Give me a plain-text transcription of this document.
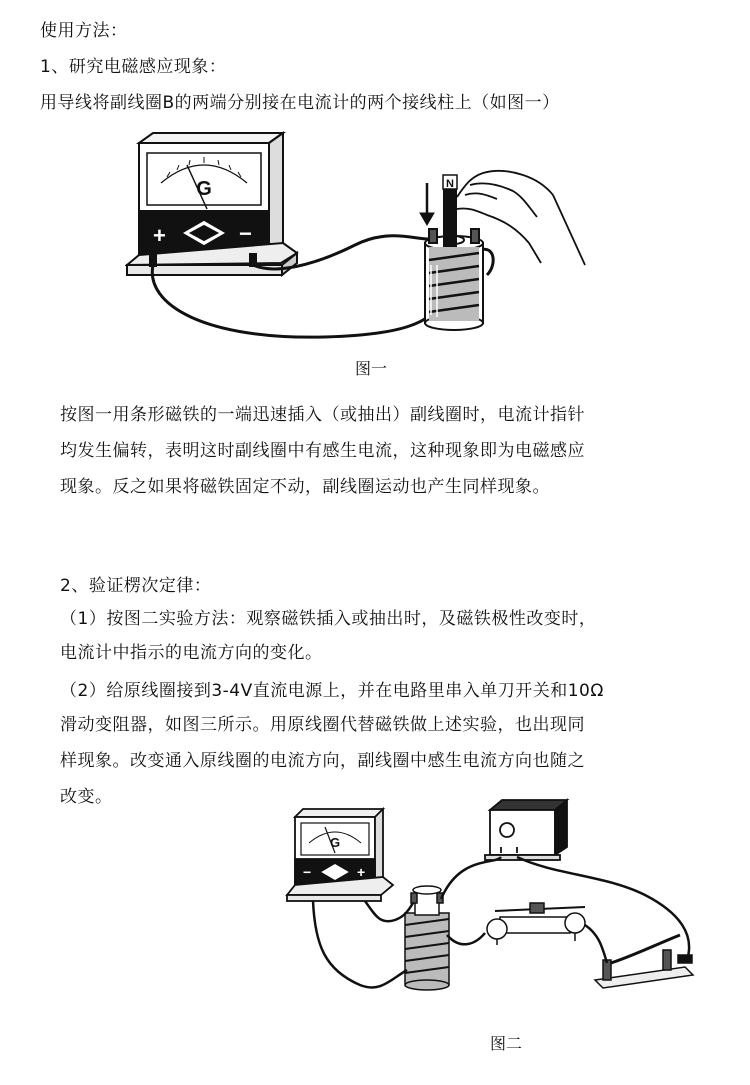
使用方法：
1、研究电磁感应现象：
用导线将副线圈B的两端分别接在电流计的两个接线柱上（如图一）
G
+	−
N
图一
按图一用条形磁铁的一端迅速插入（或抽出）副线圈时，电流计指针
均发生偏转，表明这时副线圈中有感生电流，这种现象即为电磁感应
现象。反之如果将磁铁固定不动，副线圈运动也产生同样现象。
2、验证楞次定律：
（1）按图二实验方法：观察磁铁插入或抽出时，及磁铁极性改变时，
电流计中指示的电流方向的变化。
（2）给原线圈接到3-4V直流电源上，并在电路里串入单刀开关和10Ω
滑动变阻器，如图三所示。用原线圈代替磁铁做上述实验，也出现同
样现象。改变通入原线圈的电流方向，副线圈中感生电流方向也随之
改变。
G
−	+
图二
